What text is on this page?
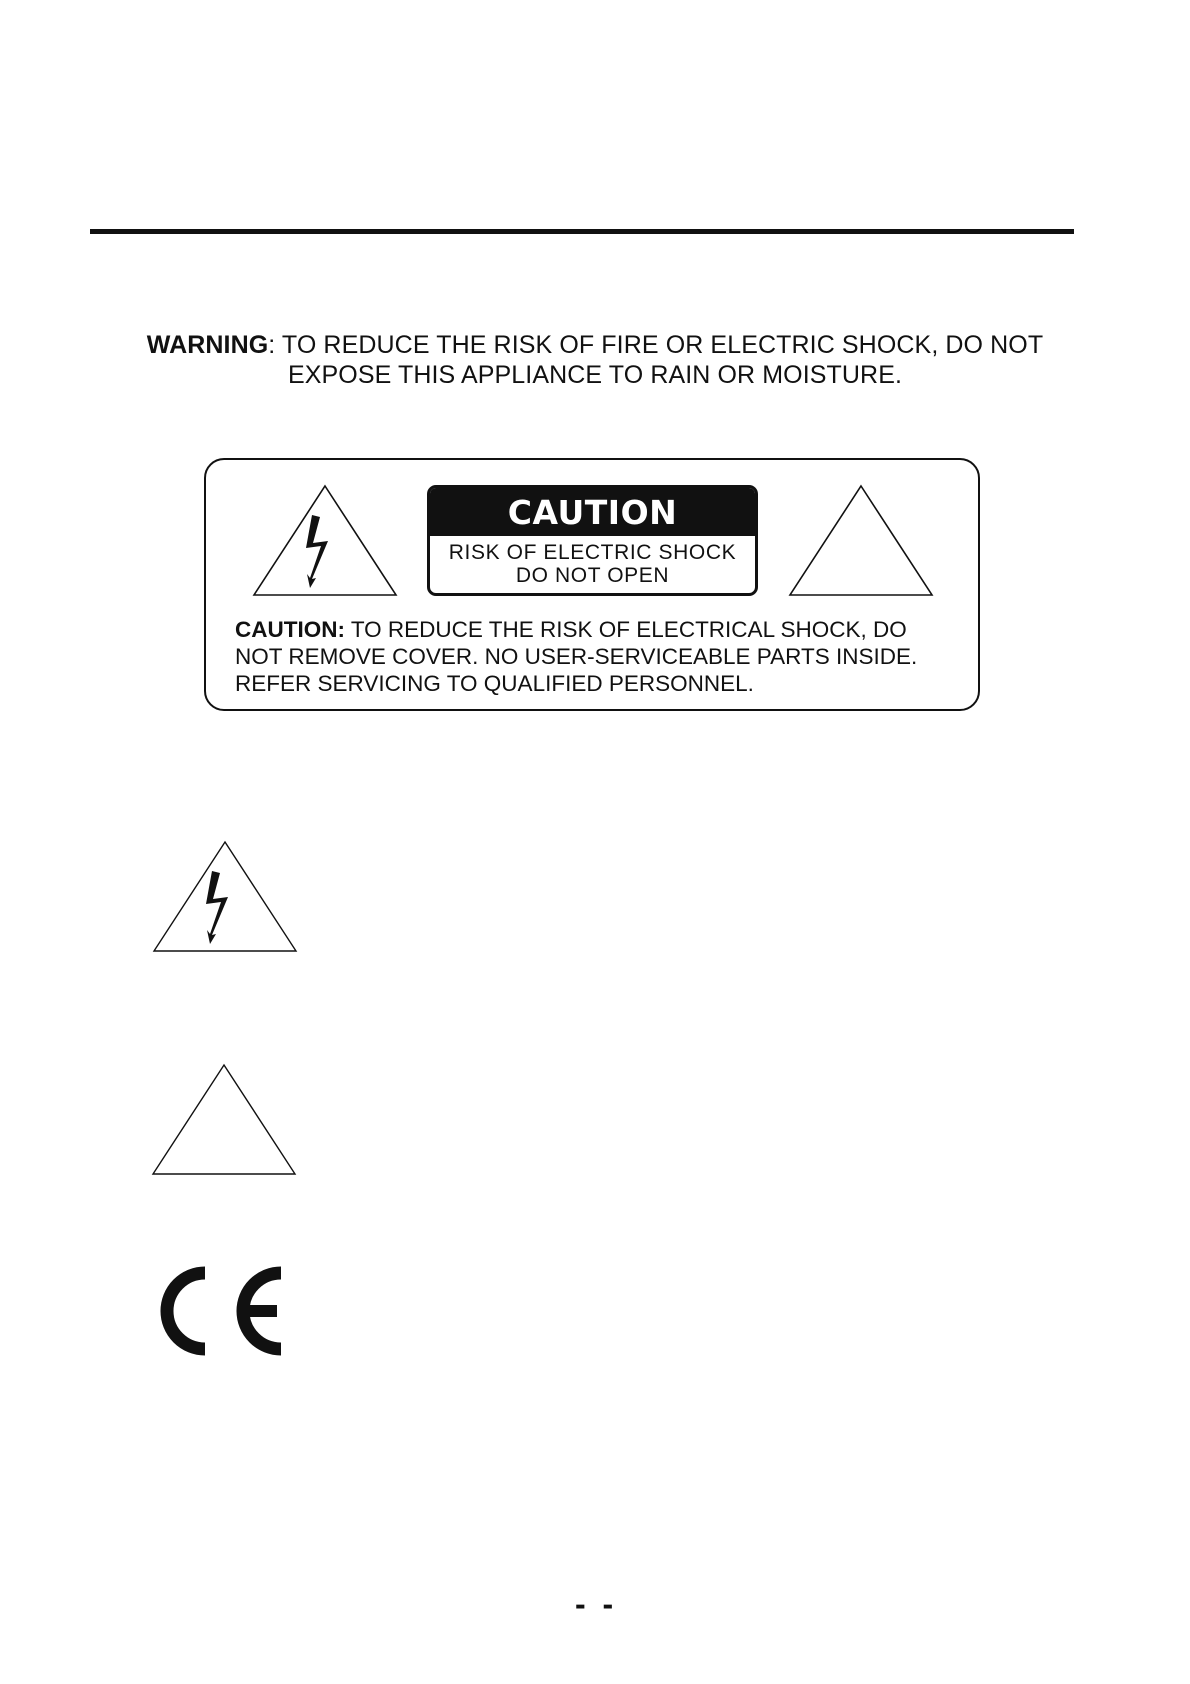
WARNING: TO REDUCE THE RISK OF FIRE OR ELECTRIC SHOCK, DO NOT
EXPOSE THIS APPLIANCE TO RAIN OR MOISTURE.
CAUTION
RISK OF ELECTRIC SHOCK
DO NOT OPEN
CAUTION: TO REDUCE THE RISK OF ELECTRICAL SHOCK, DO
NOT REMOVE COVER. NO USER-SERVICEABLE PARTS INSIDE.
REFER SERVICING TO QUALIFIED PERSONNEL.
- -
